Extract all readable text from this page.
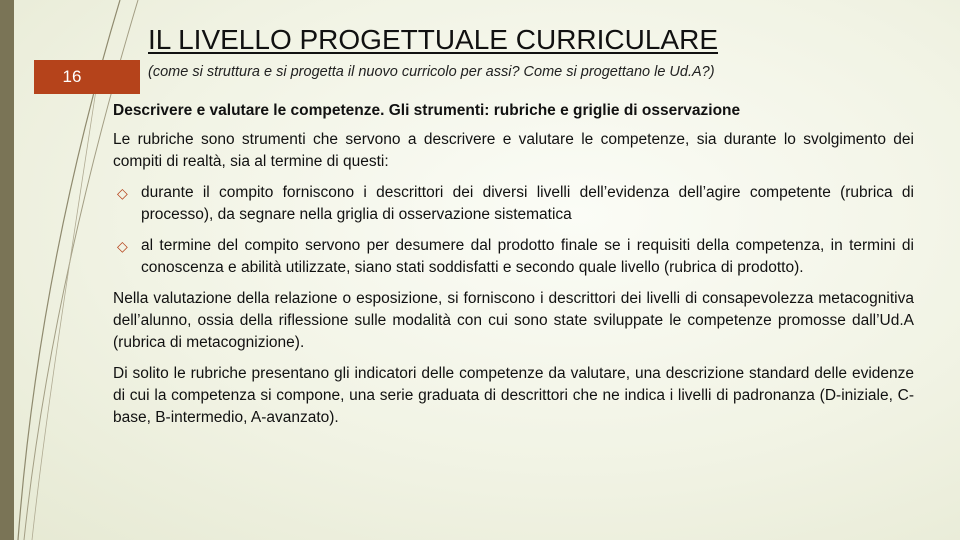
16
IL LIVELLO PROGETTUALE CURRICULARE
(come si struttura e si progetta il nuovo curricolo per assi? Come si progettano le Ud.A?)

Descrivere e valutare le competenze. Gli strumenti: rubriche e griglie di osservazione

Le rubriche sono strumenti che servono a descrivere e valutare le competenze, sia durante lo svolgimento dei compiti di realtà, sia al termine di questi:

◇ durante il compito forniscono i descrittori dei diversi livelli dell’evidenza dell’agire competente (rubrica di processo), da segnare nella griglia di osservazione sistematica
◇ al termine del compito servono per desumere dal prodotto finale se i requisiti della competenza, in termini di conoscenza e abilità utilizzate, siano stati soddisfatti e secondo quale livello (rubrica di prodotto).

Nella valutazione della relazione o esposizione, si forniscono i descrittori dei livelli di consapevolezza metacognitiva dell’alunno, ossia della riflessione sulle modalità con cui sono state sviluppate le competenze promosse dall’Ud.A (rubrica di metacognizione).

Di solito le rubriche presentano gli indicatori delle competenze da valutare, una descrizione standard delle evidenze di cui la competenza si compone, una serie graduata di descrittori che ne indica i livelli di padronanza (D-iniziale, C-base, B-intermedio, A-avanzato).
